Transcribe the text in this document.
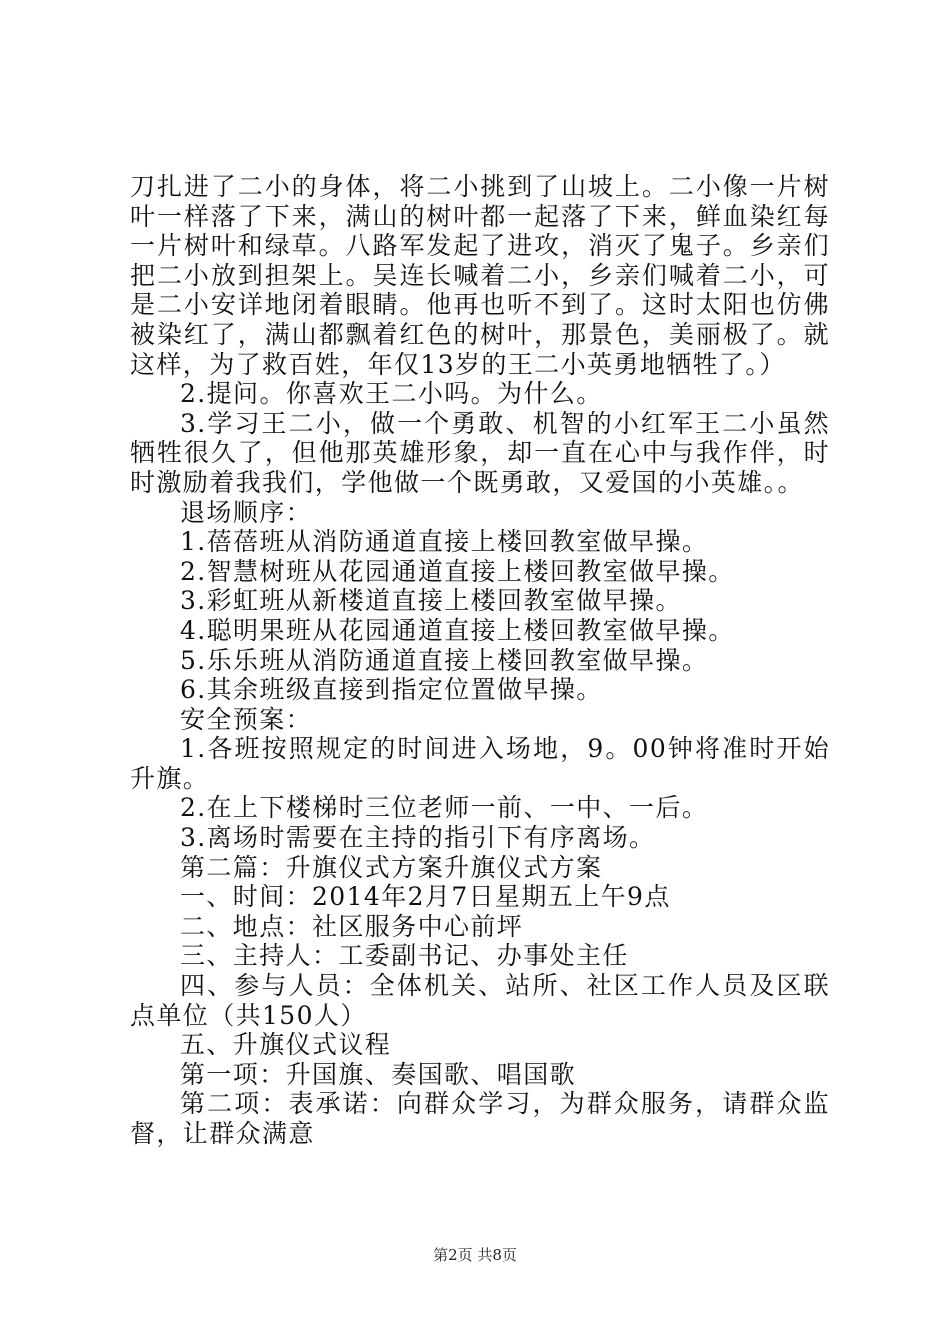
刀扎进了二小的身体，将二小挑到了山坡上。二小像一片树叶一样落了下来，满山的树叶都一起落了下来，鲜血染红每一片树叶和绿草。八路军发起了进攻，消灭了鬼子。乡亲们把二小放到担架上。吴连长喊着二小，乡亲们喊着二小，可是二小安详地闭着眼睛。他再也听不到了。这时太阳也仿佛被染红了，满山都飘着红色的树叶，那景色，美丽极了。就这样，为了救百姓，年仅13岁的王二小英勇地牺牲了。）

2.提问。你喜欢王二小吗。为什么。

3.学习王二小，做一个勇敢、机智的小红军王二小虽然牺牲很久了，但他那英雄形象，却一直在心中与我作伴，时时激励着我我们，学他做一个既勇敢，又爱国的小英雄。。

退场顺序：

1.蓓蓓班从消防通道直接上楼回教室做早操。

2.智慧树班从花园通道直接上楼回教室做早操。

3.彩虹班从新楼道直接上楼回教室做早操。

4.聪明果班从花园通道直接上楼回教室做早操。

5.乐乐班从消防通道直接上楼回教室做早操。

6.其余班级直接到指定位置做早操。

安全预案：

1.各班按照规定的时间进入场地，9。00钟将准时开始升旗。

2.在上下楼梯时三位老师一前、一中、一后。

3.离场时需要在主持的指引下有序离场。

第二篇：升旗仪式方案升旗仪式方案

一、时间：2014年2月7日星期五上午9点

二、地点：社区服务中心前坪

三、主持人：工委副书记、办事处主任

四、参与人员：全体机关、站所、社区工作人员及区联点单位（共150人）

五、升旗仪式议程

第一项：升国旗、奏国歌、唱国歌

第二项：表承诺：向群众学习，为群众服务，请群众监督，让群众满意

第2页 共8页
